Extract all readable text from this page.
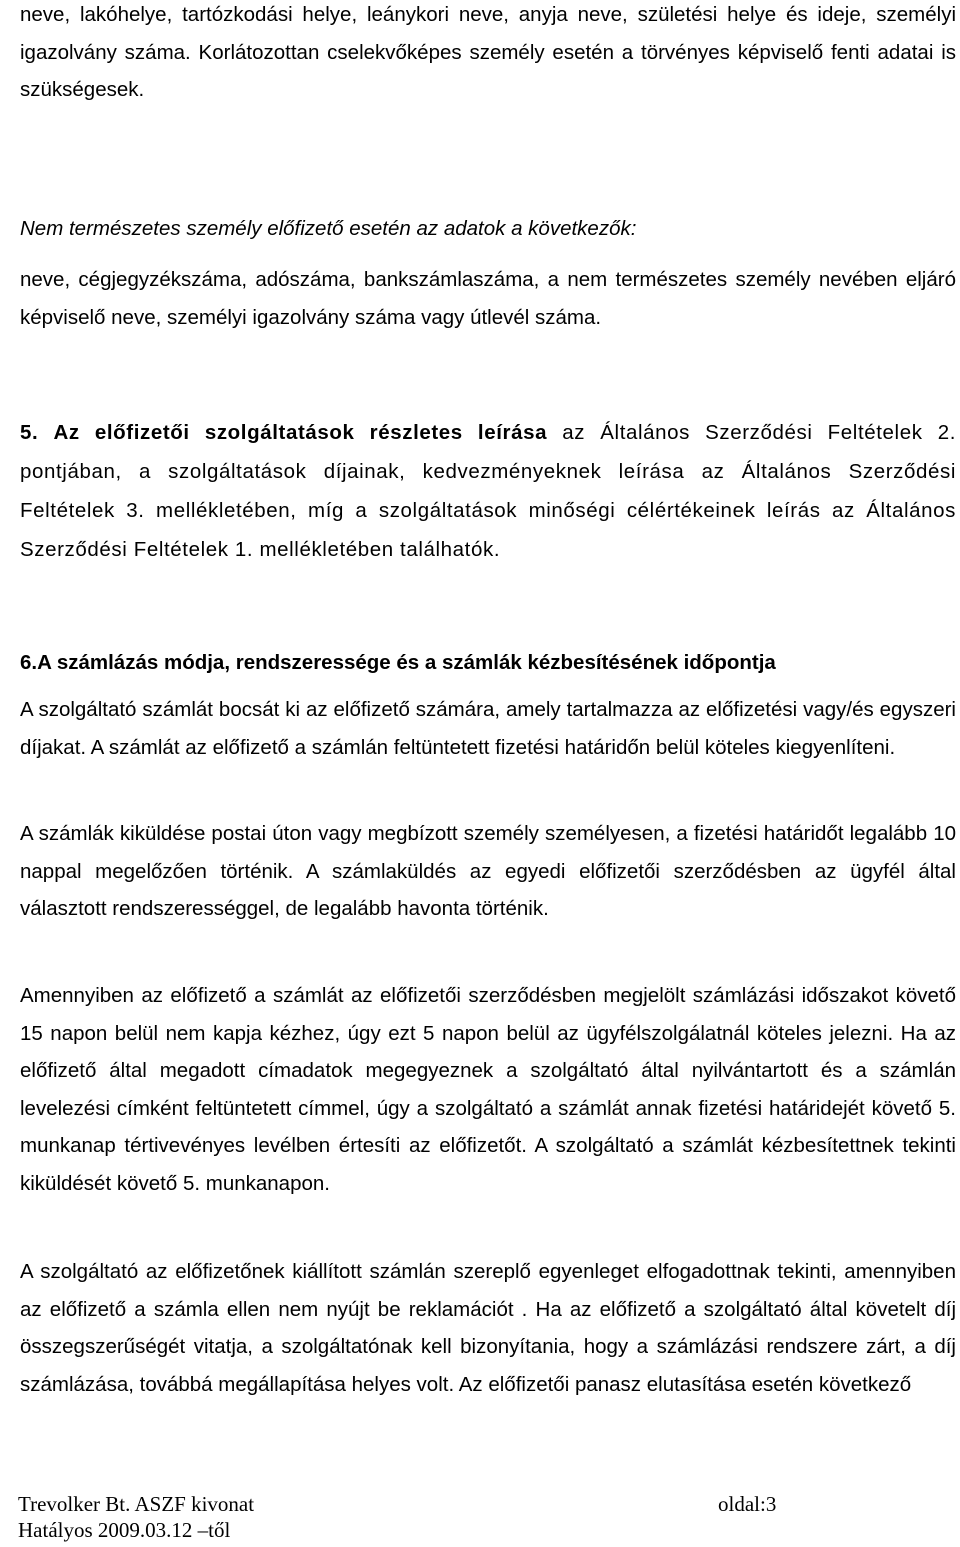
neve, lakóhelye, tartózkodási helye, leánykori neve, anyja neve, születési helye és ideje, személyi igazolvány száma. Korlátozottan cselekvőképes személy esetén a törvényes képviselő fenti adatai is szükségesek.

Nem természetes személy előfizető esetén az adatok a következők:

neve, cégjegyzékszáma, adószáma, bankszámlaszáma, a nem természetes személy nevében eljáró képviselő neve, személyi igazolvány száma vagy útlevél száma.

5. Az előfizetői szolgáltatások részletes leírása az Általános Szerződési Feltételek 2. pontjában, a szolgáltatások díjainak, kedvezményeknek leírása az Általános Szerződési Feltételek 3. mellékletében, míg a szolgáltatások minőségi célértékeinek leírás az Általános Szerződési Feltételek 1. mellékletében találhatók.

6.A számlázás módja, rendszeressége és a számlák kézbesítésének időpontja

A szolgáltató számlát bocsát ki az előfizető számára, amely tartalmazza az előfizetési vagy/és egyszeri díjakat. A számlát az előfizető a számlán feltüntetett fizetési határidőn belül köteles kiegyenlíteni.

A számlák kiküldése postai úton vagy megbízott személy személyesen, a fizetési határidőt legalább 10 nappal megelőzően történik. A számlaküldés az egyedi előfizetői szerződésben az ügyfél által választott rendszerességgel, de legalább havonta történik.

Amennyiben az előfizető a számlát az előfizetői szerződésben megjelölt számlázási időszakot követő 15 napon belül nem kapja kézhez, úgy ezt 5 napon belül az ügyfélszolgálatnál köteles jelezni. Ha az előfizető által megadott címadatok megegyeznek a szolgáltató által nyilvántartott és a számlán levelezési címként feltüntetett címmel, úgy a szolgáltató a számlát annak fizetési határidejét követő 5. munkanap tértivevényes levélben értesíti az előfizetőt. A szolgáltató a számlát kézbesítettnek tekinti kiküldését követő 5. munkanapon.

A szolgáltató az előfizetőnek kiállított számlán szereplő egyenleget elfogadottnak tekinti, amennyiben az előfizető a számla ellen nem nyújt be reklamációt . Ha az előfizető a szolgáltató által követelt díj összegszerűségét vitatja, a szolgáltatónak kell bizonyítania, hogy a számlázási rendszere zárt, a díj számlázása, továbbá megállapítása helyes volt. Az előfizetői panasz elutasítása esetén következő

Trevolker Bt. ASZF kivonat	oldal:3
Hatályos 2009.03.12 –től
